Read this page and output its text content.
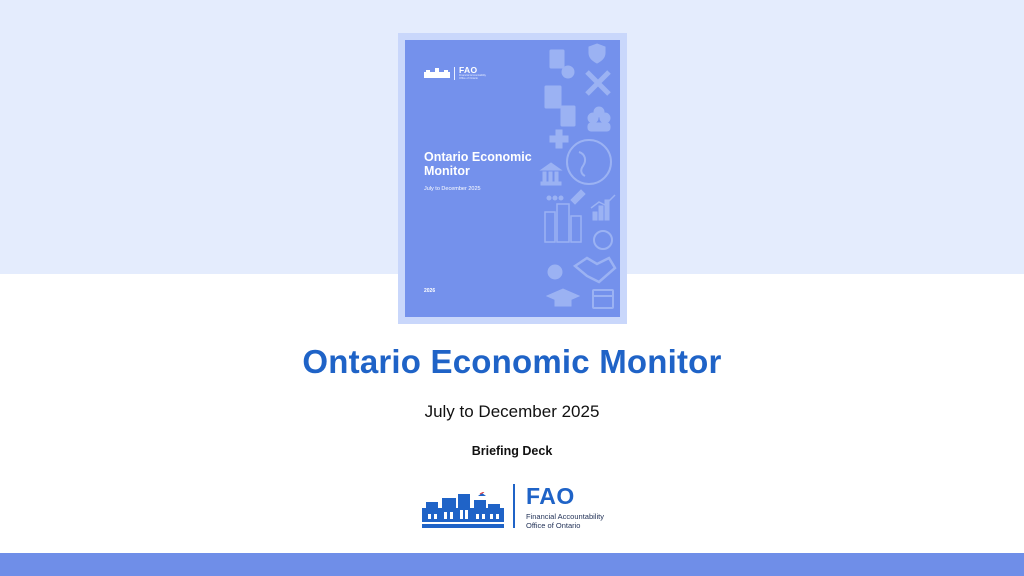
FAO
Financial Accountability Office of Ontario
Ontario Economic Monitor
July to December 2025
2026
Ontario Economic Monitor
July to December 2025
Briefing Deck
FAO
Financial Accountability
Office of Ontario
